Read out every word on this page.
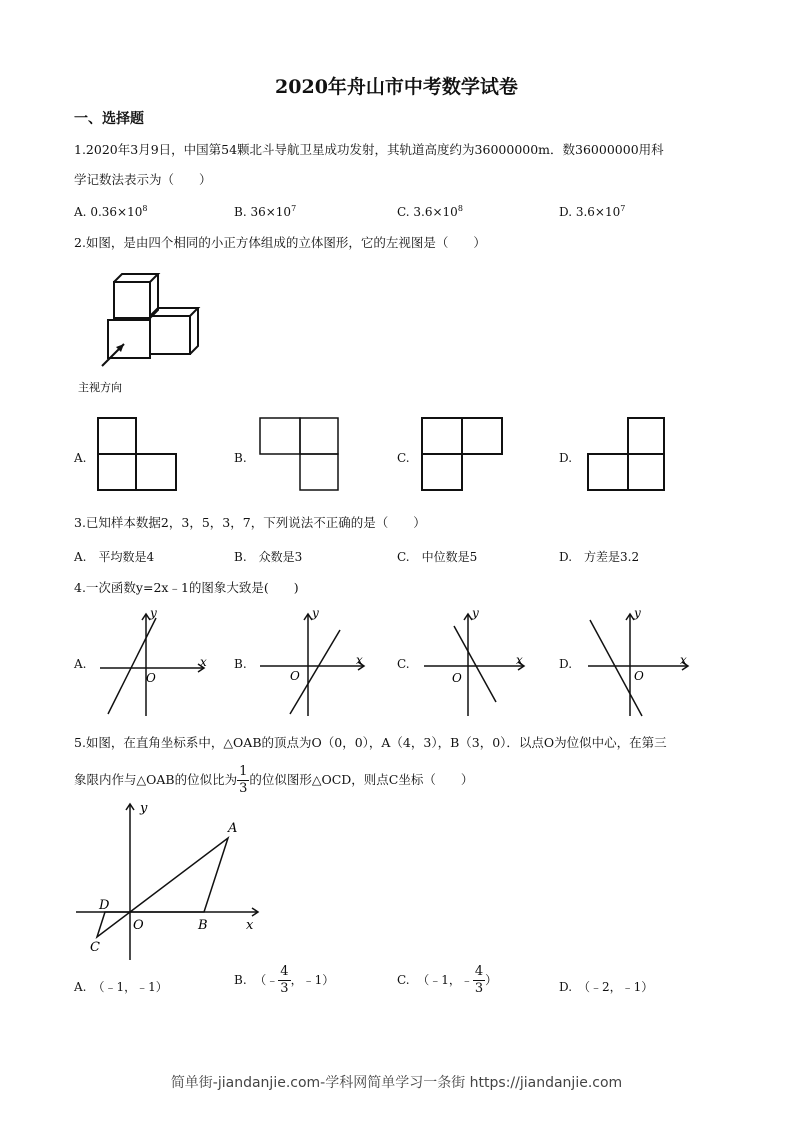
2020年舟山市中考数学试卷
一、选择题
1.2020年3月9日，中国第54颗北斗导航卫星成功发射，其轨道高度约为36000000m．数36000000用科
学记数法表示为（　　）
A. $0.36\times 10^8$	B. $36\times 10^7$	C. $3.6\times 10^8$	D. $3.6\times 10^7$
2.如图，是由四个相同的小正方体组成的立体图形，它的左视图是（　　）
主视方向
A.	B.	C.	D.
3.已知样本数据2，3，5，3，7，下列说法不正确的是（　　）
A.　平均数是4	B.　众数是3	C.　中位数是5	D.　方差是3.2
4.一次函数y=2x﹣1的图象大致是(　　)
A.
y
x
O
B.
y
x
O
C.
y
x
O
D.
y
x
O
5.如图，在直角坐标系中，△OAB的顶点为O（0，0），A（4，3），B（3，0）．以点O为位似中心，在第三
象限内作与△OAB的位似比为 $\frac{1}{3}$ 的位似图形△OCD，则点C坐标（　　）
y
x
A
B
O
D
C
A.　（﹣1，﹣1）	B. （﹣ $\frac{4}{3}$ ，﹣1）	C. （﹣1，﹣ $\frac{4}{3}$ ）	D.　（﹣2，﹣1）
简单街-jiandanjie.com-学科网简单学习一条街 https://jiandanjie.com
